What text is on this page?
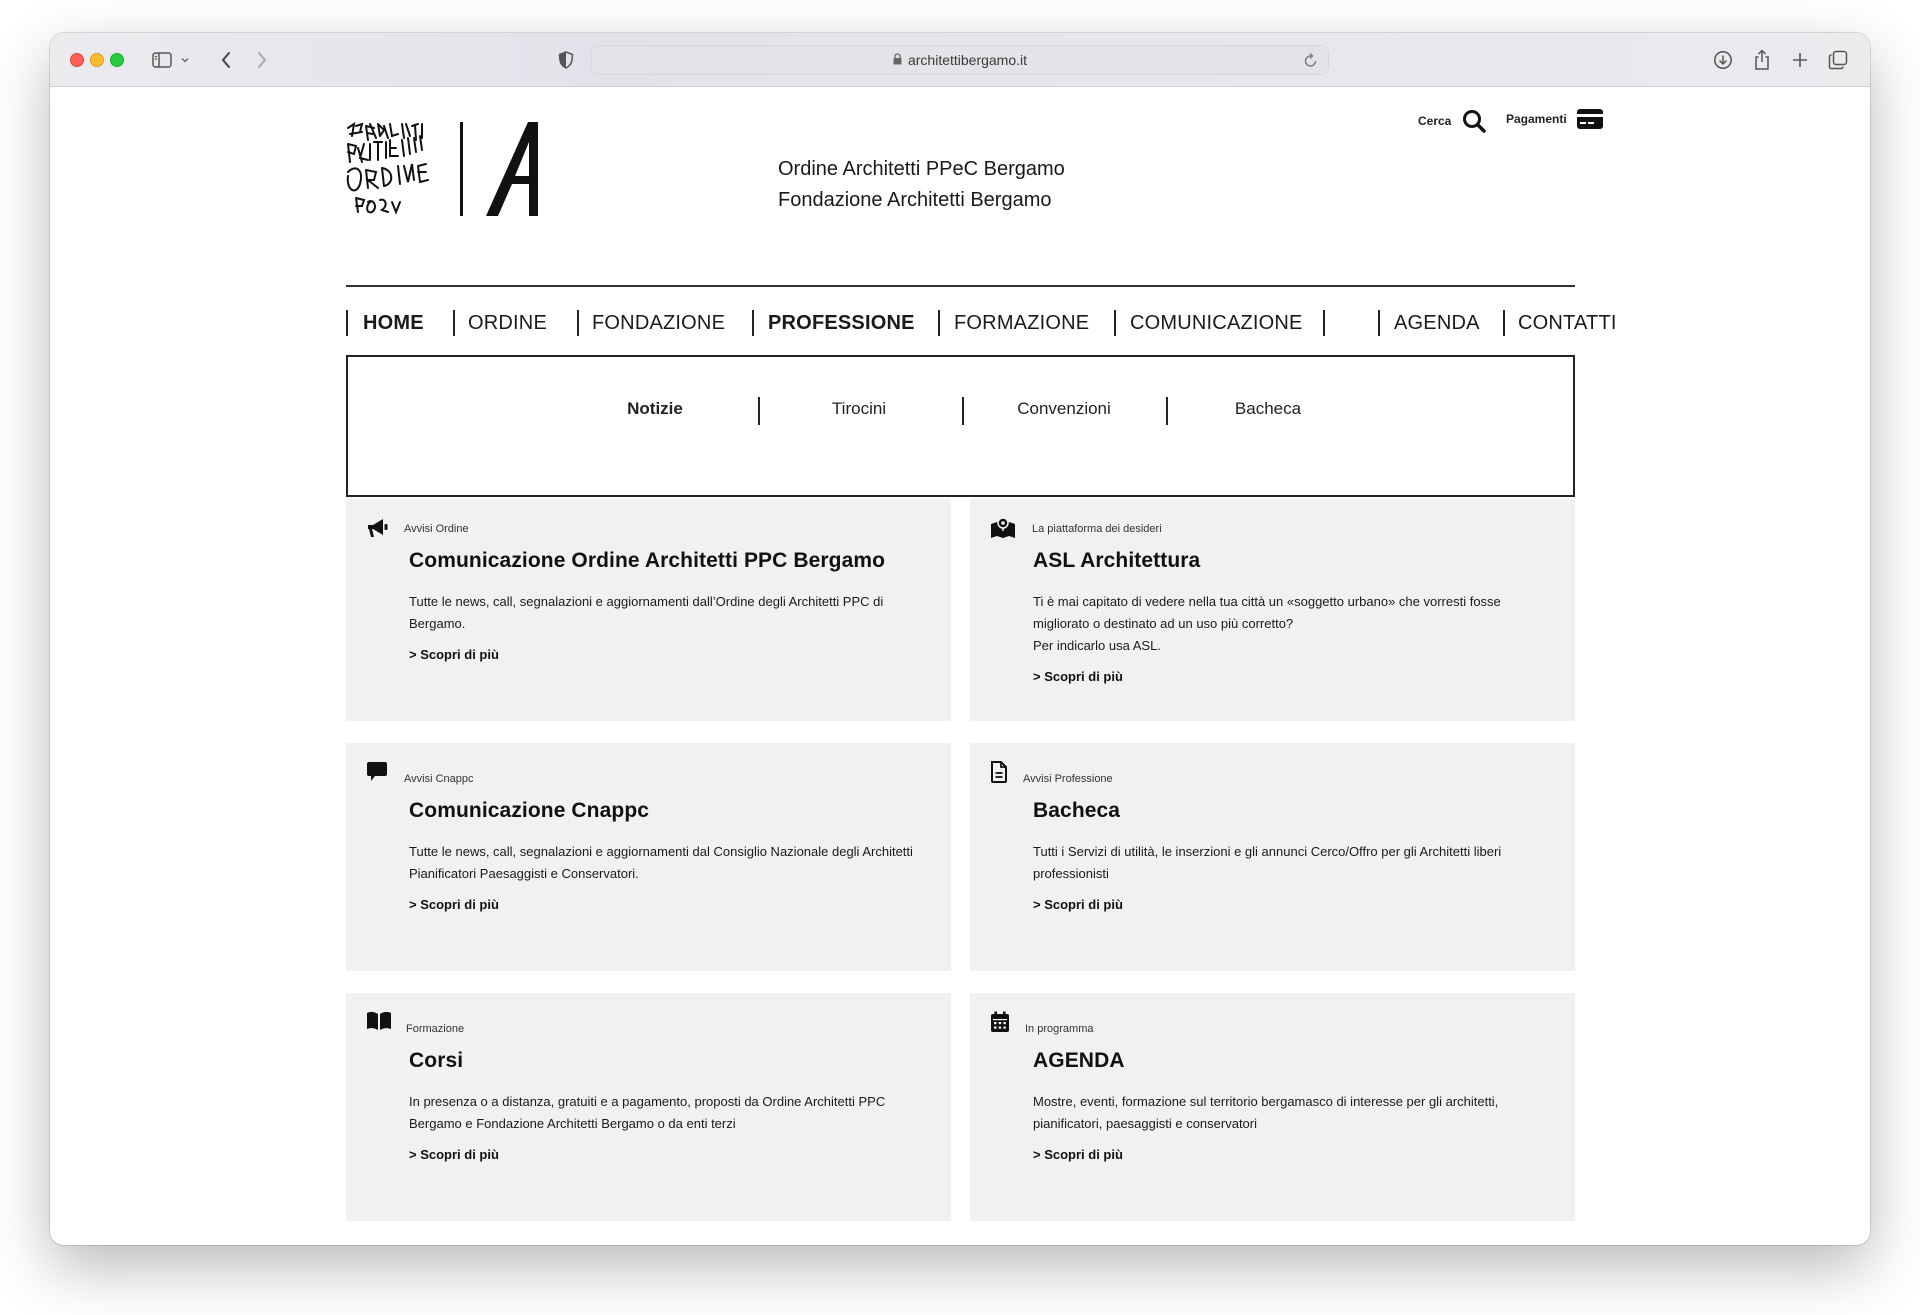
architettibergamo.it
Ordine Architetti PPeC Bergamo
Fondazione Architetti Bergamo
Cerca	Pagamenti
HOME ORDINE FONDAZIONE PROFESSIONE FORMAZIONE COMUNICAZIONE	AGENDA CONTATTI
Notizie	Tirocini	Convenzioni	Bacheca
Avvisi Ordine
Comunicazione Ordine Architetti PPC Bergamo
Tutte le news, call, segnalazioni e aggiornamenti dall’Ordine degli Architetti PPC di Bergamo.
> Scopri di più
La piattaforma dei desideri
ASL Architettura
Ti è mai capitato di vedere nella tua città un «soggetto urbano» che vorresti fosse migliorato o destinato ad un uso più corretto?
Per indicarlo usa ASL.
> Scopri di più
Avvisi Cnappc
Comunicazione Cnappc
Tutte le news, call, segnalazioni e aggiornamenti dal Consiglio Nazionale degli Architetti Pianificatori Paesaggisti e Conservatori.
> Scopri di più
Avvisi Professione
Bacheca
Tutti i Servizi di utilità, le inserzioni e gli annunci Cerco/Offro per gli Architetti liberi professionisti
> Scopri di più
Formazione
Corsi
In presenza o a distanza, gratuiti e a pagamento, proposti da Ordine Architetti PPC Bergamo e Fondazione Architetti Bergamo o da enti terzi
> Scopri di più
In programma
AGENDA
Mostre, eventi, formazione sul territorio bergamasco di interesse per gli architetti, pianificatori, paesaggisti e conservatori
> Scopri di più
